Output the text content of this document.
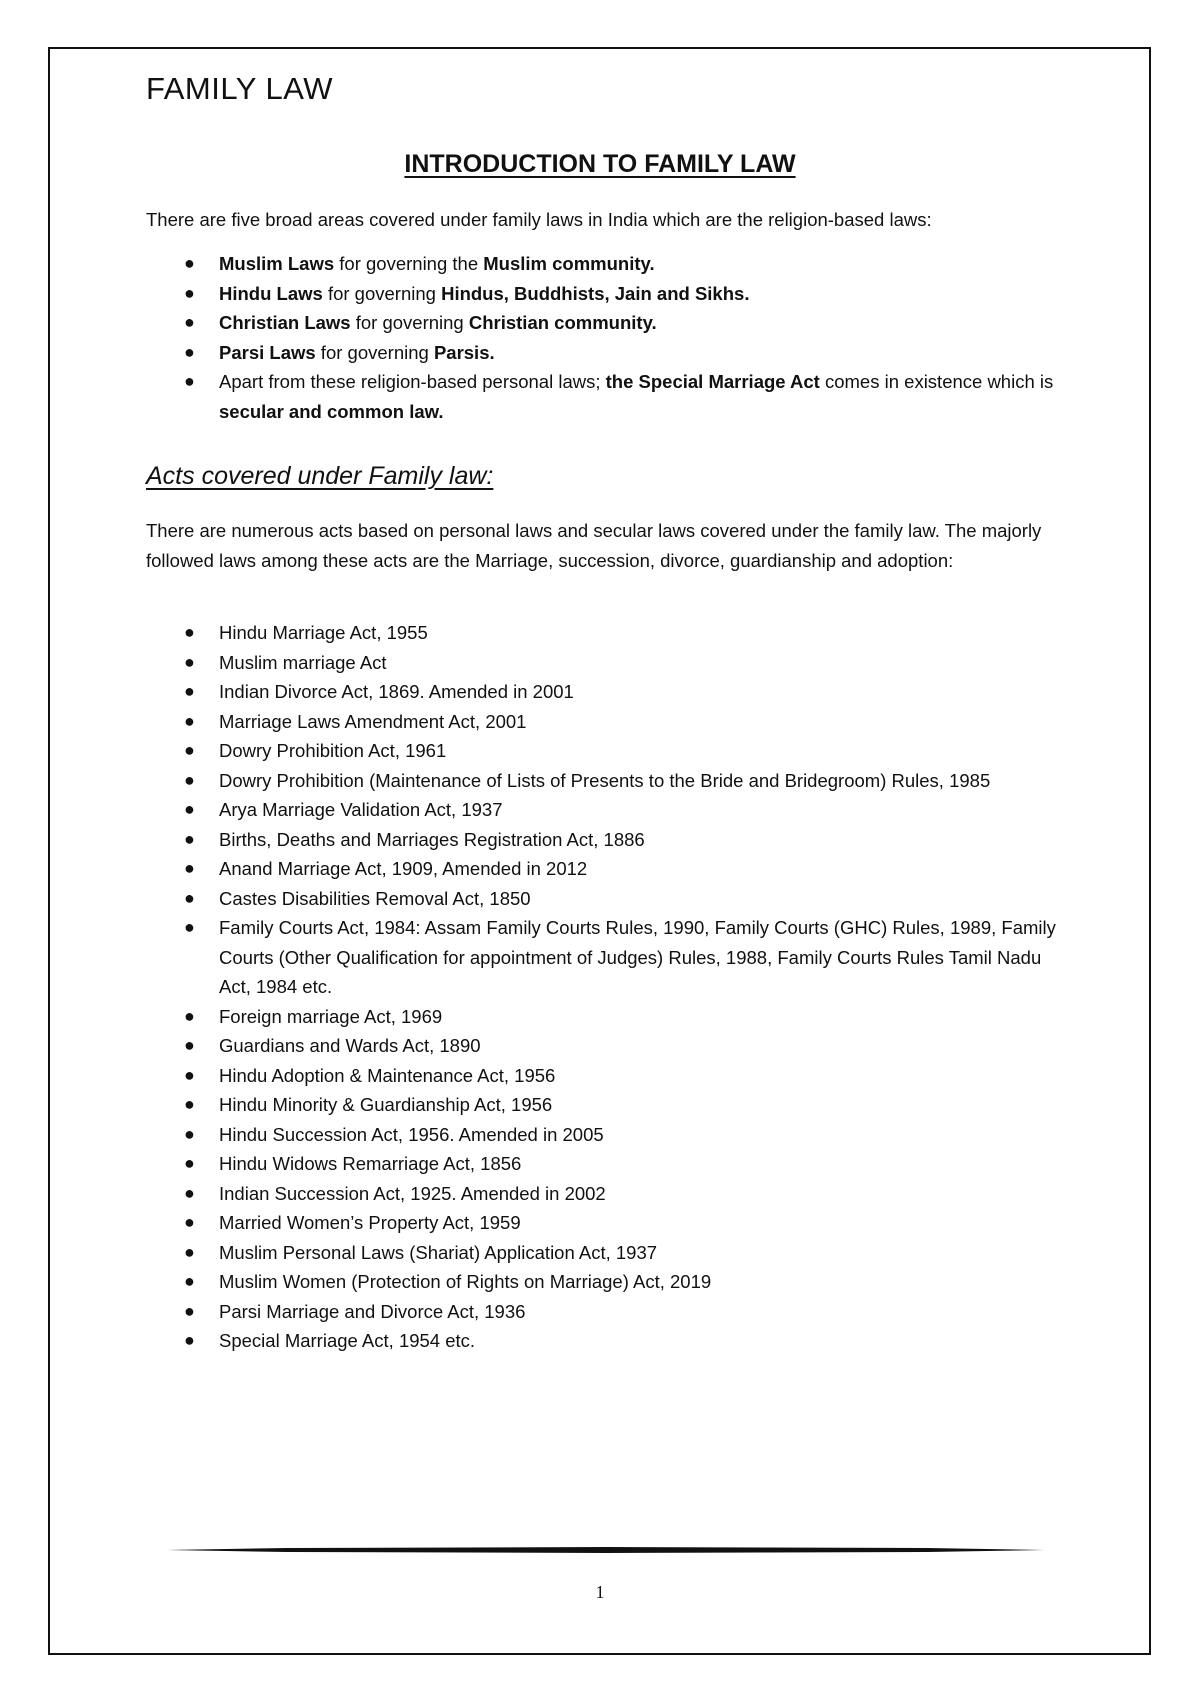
FAMILY LAW
INTRODUCTION TO FAMILY LAW
There are five broad areas covered under family laws in India which are the religion-based laws:
● Muslim Laws for governing the Muslim community.
● Hindu Laws for governing Hindus, Buddhists, Jain and Sikhs.
● Christian Laws for governing Christian community.
● Parsi Laws for governing Parsis.
● Apart from these religion-based personal laws; the Special Marriage Act comes in existence which is secular and common law.
Acts covered under Family law:
There are numerous acts based on personal laws and secular laws covered under the family law. The majorly followed laws among these acts are the Marriage, succession, divorce, guardianship and adoption:
● Hindu Marriage Act, 1955
● Muslim marriage Act
● Indian Divorce Act, 1869. Amended in 2001
● Marriage Laws Amendment Act, 2001
● Dowry Prohibition Act, 1961
● Dowry Prohibition (Maintenance of Lists of Presents to the Bride and Bridegroom) Rules, 1985
● Arya Marriage Validation Act, 1937
● Births, Deaths and Marriages Registration Act, 1886
● Anand Marriage Act, 1909, Amended in 2012
● Castes Disabilities Removal Act, 1850
● Family Courts Act, 1984: Assam Family Courts Rules, 1990, Family Courts (GHC) Rules, 1989, Family Courts (Other Qualification for appointment of Judges) Rules, 1988, Family Courts Rules Tamil Nadu Act, 1984 etc.
● Foreign marriage Act, 1969
● Guardians and Wards Act, 1890
● Hindu Adoption & Maintenance Act, 1956
● Hindu Minority & Guardianship Act, 1956
● Hindu Succession Act, 1956. Amended in 2005
● Hindu Widows Remarriage Act, 1856
● Indian Succession Act, 1925. Amended in 2002
● Married Women’s Property Act, 1959
● Muslim Personal Laws (Shariat) Application Act, 1937
● Muslim Women (Protection of Rights on Marriage) Act, 2019
● Parsi Marriage and Divorce Act, 1936
● Special Marriage Act, 1954 etc.
1
